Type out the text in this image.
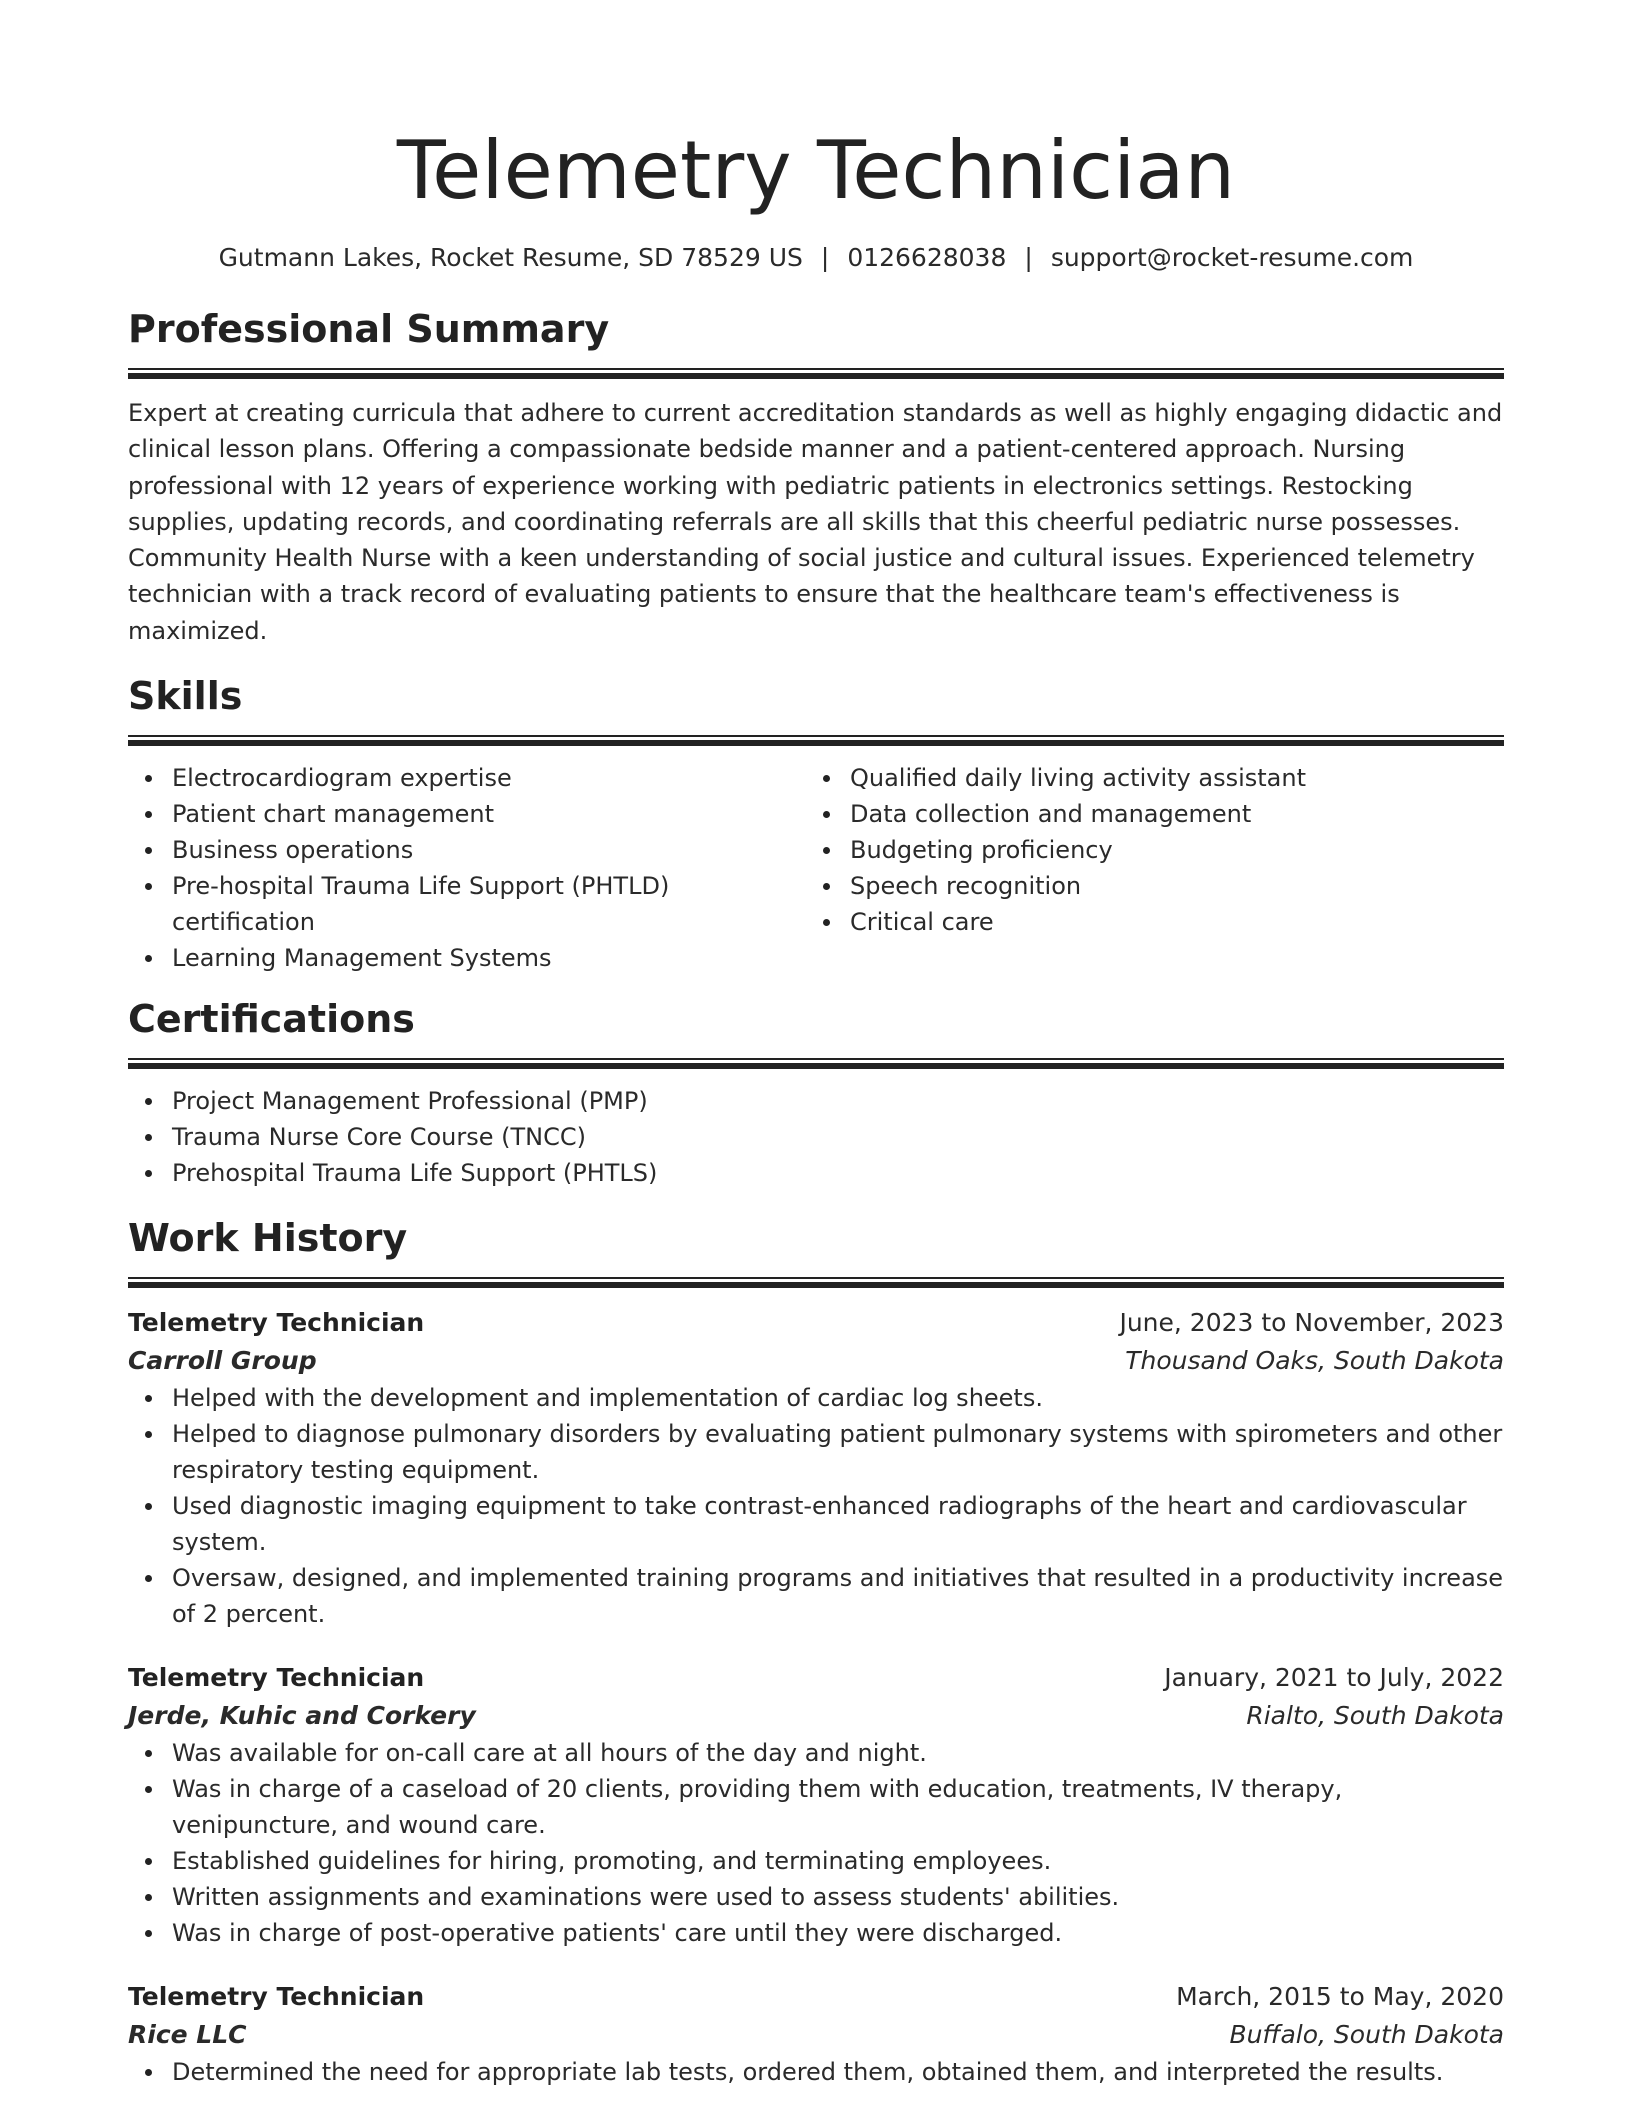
Telemetry Technician
Gutmann Lakes, Rocket Resume, SD 78529 US | 0126628038 | support@rocket-resume.com
Professional Summary

Expert at creating curricula that adhere to current accreditation standards as well as highly engaging didactic and clinical lesson plans. Offering a compassionate bedside manner and a patient-centered approach. Nursing professional with 12 years of experience working with pediatric patients in electronics settings. Restocking supplies, updating records, and coordinating referrals are all skills that this cheerful pediatric nurse possesses. Community Health Nurse with a keen understanding of social justice and cultural issues. Experienced telemetry technician with a track record of evaluating patients to ensure that the healthcare team's effectiveness is maximized.

Skills
Electrocardiogram expertise
Patient chart management
Business operations
Pre-hospital Trauma Life Support (PHTLD) certification
Learning Management Systems
Qualified daily living activity assistant
Data collection and management
Budgeting proficiency
Speech recognition
Critical care
Certifications
Project Management Professional (PMP)
Trauma Nurse Core Course (TNCC)
Prehospital Trauma Life Support (PHTLS)
Work History
Telemetry Technician	June, 2023 to November, 2023
Carroll Group	Thousand Oaks, South Dakota
Helped with the development and implementation of cardiac log sheets.
Helped to diagnose pulmonary disorders by evaluating patient pulmonary systems with spirometers and other respiratory testing equipment.
Used diagnostic imaging equipment to take contrast-enhanced radiographs of the heart and cardiovascular system.
Oversaw, designed, and implemented training programs and initiatives that resulted in a productivity increase of 2 percent.
Telemetry Technician	January, 2021 to July, 2022
Jerde, Kuhic and Corkery	Rialto, South Dakota
Was available for on-call care at all hours of the day and night.
Was in charge of a caseload of 20 clients, providing them with education, treatments, IV therapy, venipuncture, and wound care.
Established guidelines for hiring, promoting, and terminating employees.
Written assignments and examinations were used to assess students' abilities.
Was in charge of post-operative patients' care until they were discharged.
Telemetry Technician	March, 2015 to May, 2020
Rice LLC	Buffalo, South Dakota
Determined the need for appropriate lab tests, ordered them, obtained them, and interpreted the results.
